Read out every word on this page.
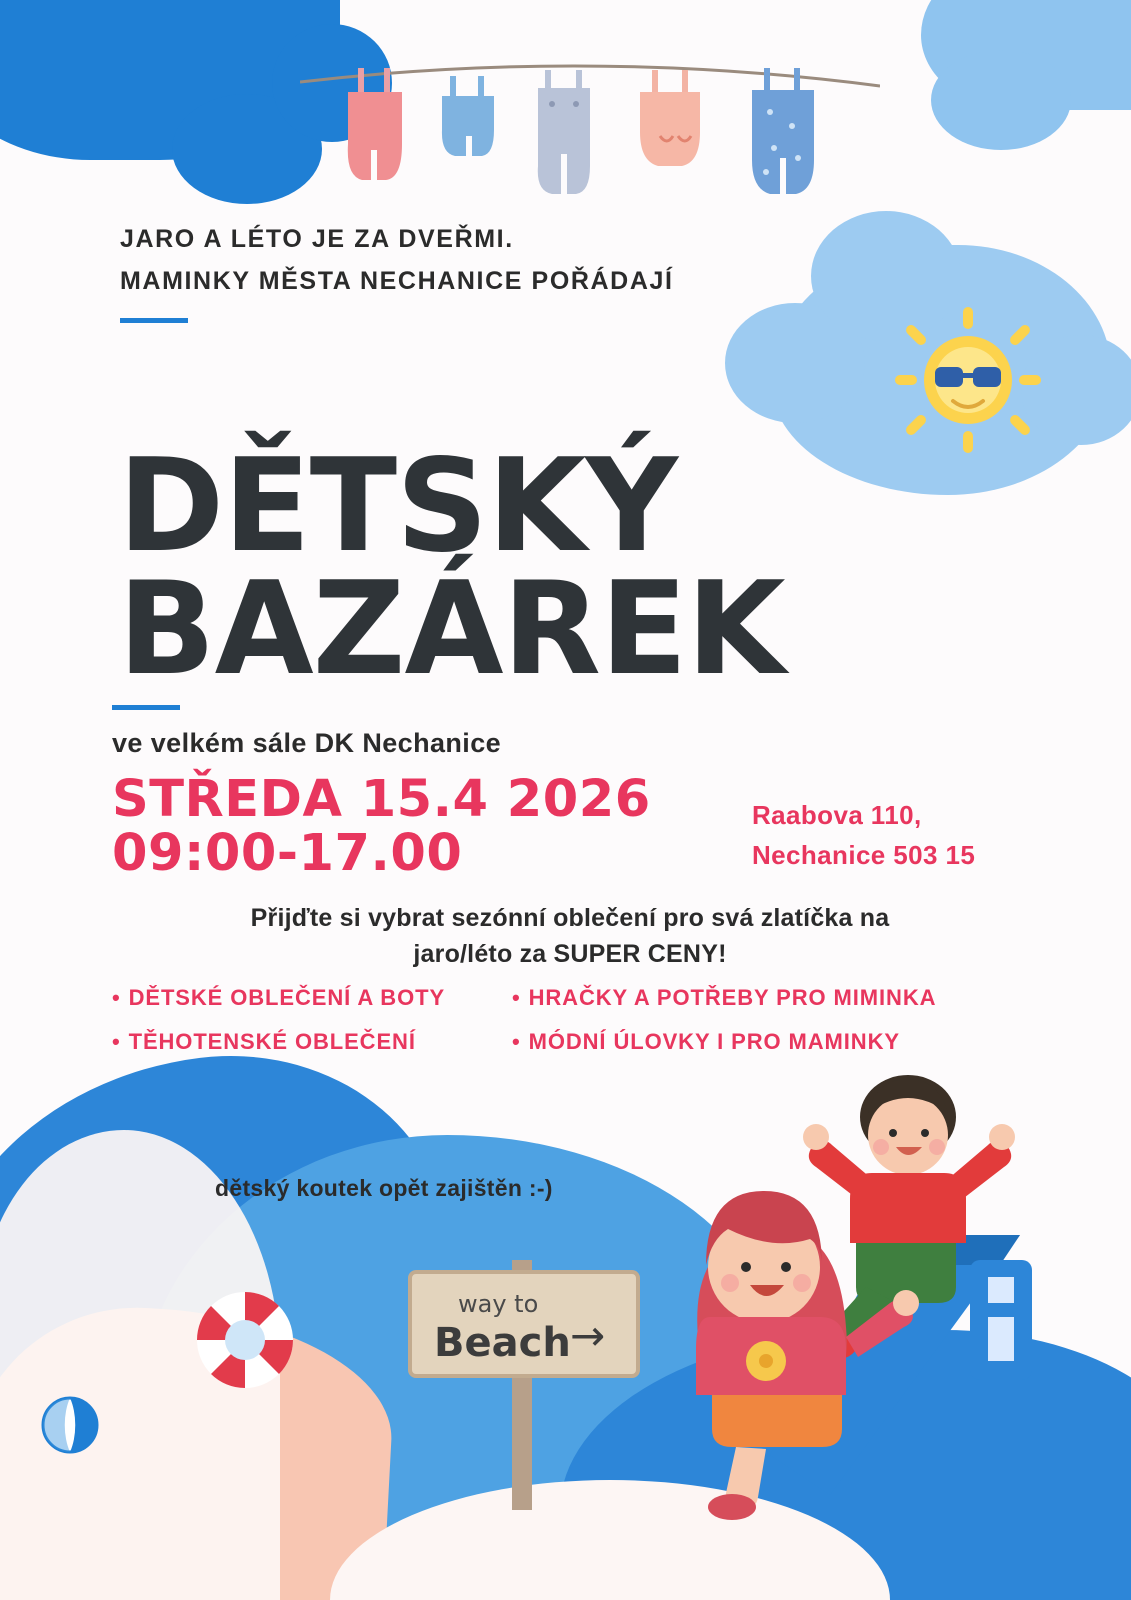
way to
Beach →
JARO A LÉTO JE ZA DVEŘMI.
MAMINKY MĚSTA NECHANICE POŘÁDAJÍ
DĚTSKÝ
BAZÁREK
ve velkém sále DK Nechanice
STŘEDA 15.4 2026
09:00-17.00
Raabova 110,
Nechanice 503 15
Přijďte si vybrat sezónní oblečení pro svá zlatíčka na
jaro/léto za SUPER CENY!
• DĚTSKÉ OBLEČENÍ A BOTY	• HRAČKY A POTŘEBY PRO MIMINKA
• TĚHOTENSKÉ OBLEČENÍ	• MÓDNÍ ÚLOVKY I PRO MAMINKY
dětský koutek opět zajištěn :-)
